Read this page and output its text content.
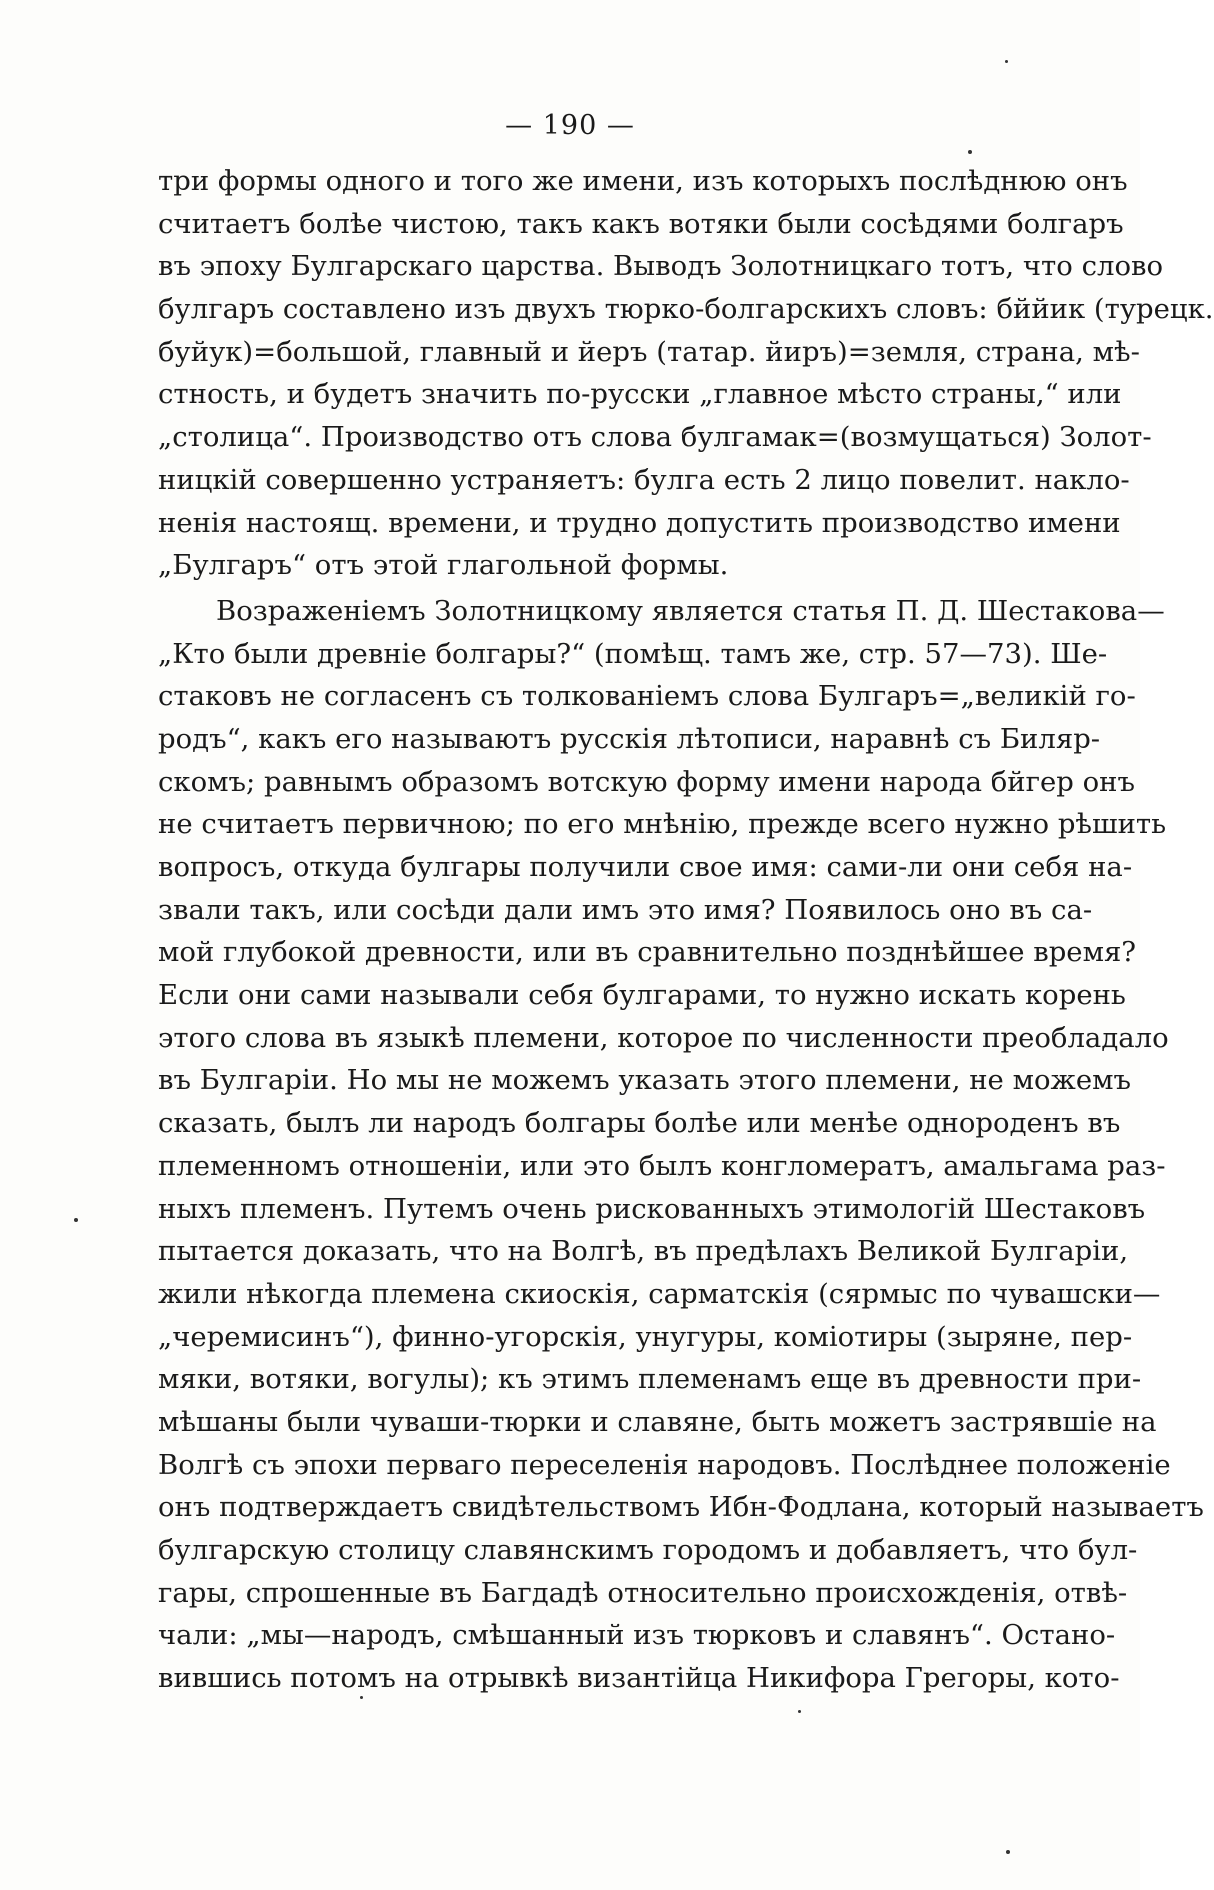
— 190 —
три формы одного и того же имени, изъ которыхъ послѣднюю онъ
считаетъ болѣе чистою, такъ какъ вотяки были сосѣдями болгаръ
въ эпоху Булгарскаго царства. Выводъ Золотницкаго тотъ, что слово
булгаръ составлено изъ двухъ тюрко-болгарскихъ словъ: бййик (турецк.
буйук)=большой, главный и йеръ (татар. йиръ)=земля, страна, мѣ-
стность, и будетъ значить по-русски „главное мѣсто страны,“ или
„столица“. Производство отъ слова булгамак=(возмущаться) Золот-
ницкій совершенно устраняетъ: булга есть 2 лицо повелит. накло-
ненія настоящ. времени, и трудно допустить производство имени
„Булгаръ“ отъ этой глагольной формы.
Возраженіемъ Золотницкому является статья П. Д. Шестакова—
„Кто были древніе болгары?“ (помѣщ. тамъ же, стр. 57—73). Ше-
стаковъ не согласенъ съ толкованіемъ слова Булгаръ=„великій го-
родъ“, какъ его называютъ русскія лѣтописи, наравнѣ съ Биляр-
скомъ; равнымъ образомъ вотскую форму имени народа бйгер онъ
не считаетъ первичною; по его мнѣнію, прежде всего нужно рѣшить
вопросъ, откуда булгары получили свое имя: сами-ли они себя на-
звали такъ, или сосѣди дали имъ это имя? Появилось оно въ са-
мой глубокой древности, или въ сравнительно позднѣйшее время?
Если они сами называли себя булгарами, то нужно искать корень
этого слова въ языкѣ племени, которое по численности преобладало
въ Булгаріи. Но мы не можемъ указать этого племени, не можемъ
сказать, былъ ли народъ болгары болѣе или менѣе однороденъ въ
племенномъ отношеніи, или это былъ конгломератъ, амальгама раз-
ныхъ племенъ. Путемъ очень рискованныхъ этимологій Шестаковъ
пытается доказать, что на Волгѣ, въ предѣлахъ Великой Булгаріи,
жили нѣкогда племена скиоскія, сарматскія (сярмыс по чувашски—
„черемисинъ“), финно-угорскія, унугуры, коміотиры (зыряне, пер-
мяки, вотяки, вогулы); къ этимъ племенамъ еще въ древности при-
мѣшаны были чуваши-тюрки и славяне, быть можетъ застрявшіе на
Волгѣ съ эпохи перваго переселенія народовъ. Послѣднее положеніе
онъ подтверждаетъ свидѣтельствомъ Ибн-Фодлана, который называетъ
булгарскую столицу славянскимъ городомъ и добавляетъ, что бул-
гары, спрошенные въ Багдадѣ относительно происхожденія, отвѣ-
чали: „мы—народъ, смѣшанный изъ тюрковъ и славянъ“. Остано-
вившись потомъ на отрывкѣ византійца Никифора Грегоры, кото-
